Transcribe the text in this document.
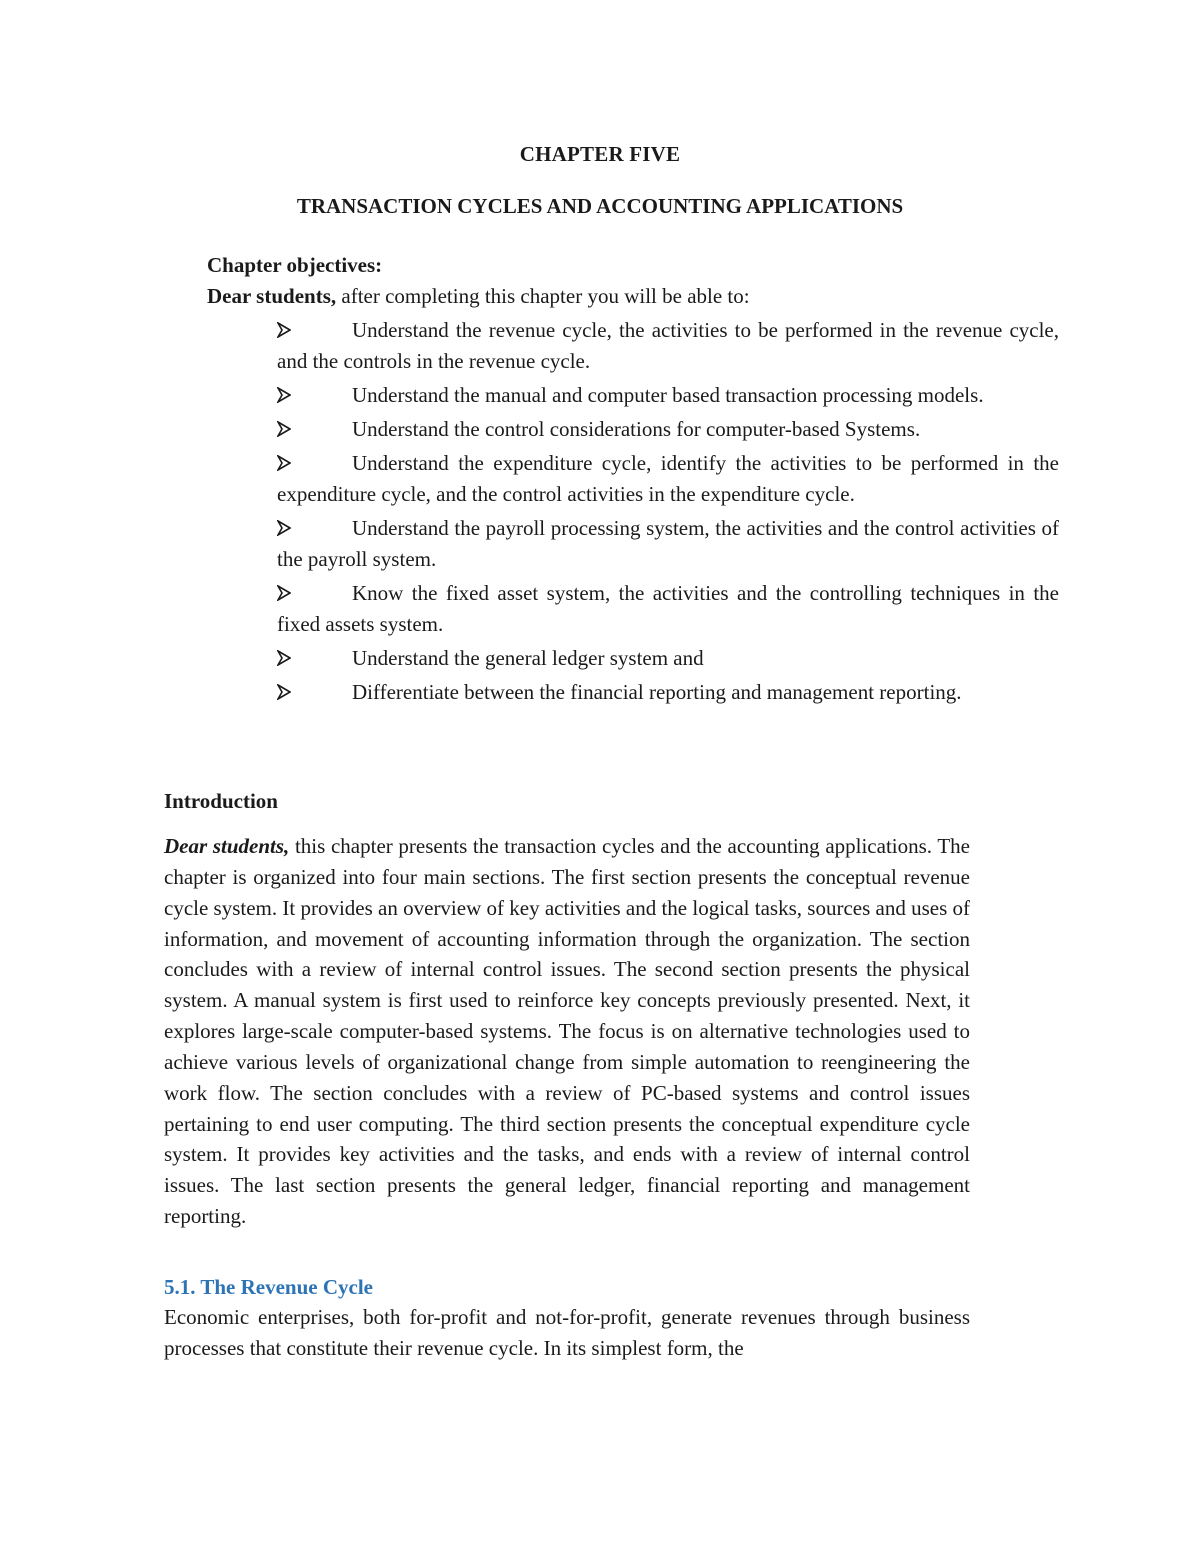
CHAPTER FIVE
TRANSACTION CYCLES AND ACCOUNTING APPLICATIONS
Chapter objectives:
Dear students, after completing this chapter you will be able to:
Understand the revenue cycle, the activities to be performed in the revenue cycle, and the controls in the revenue cycle.
Understand the manual and computer based transaction processing models.
Understand the control considerations for computer-based Systems.
Understand the expenditure cycle, identify the activities to be performed in the expenditure cycle, and the control activities in the expenditure cycle.
Understand the payroll processing system, the activities and the control activities of the payroll system.
Know the fixed asset system, the activities and the controlling techniques in the fixed assets system.
Understand the general ledger system and
Differentiate between the financial reporting and management reporting.
Introduction

Dear students, this chapter presents the transaction cycles and the accounting applications. The chapter is organized into four main sections. The first section presents the conceptual revenue cycle system. It provides an overview of key activities and the logical tasks, sources and uses of information, and movement of accounting information through the organization. The section concludes with a review of internal control issues. The second section presents the physical system. A manual system is first used to reinforce key concepts previously presented. Next, it explores large-scale computer-based systems. The focus is on alternative technologies used to achieve various levels of organizational change from simple automation to reengineering the work flow. The section concludes with a review of PC-based systems and control issues pertaining to end user computing. The third section presents the conceptual expenditure cycle system. It provides key activities and the tasks, and ends with a review of internal control issues. The last section presents the general ledger, financial reporting and management reporting.

5.1. The Revenue Cycle

Economic enterprises, both for-profit and not-for-profit, generate revenues through business processes that constitute their revenue cycle. In its simplest form, the
